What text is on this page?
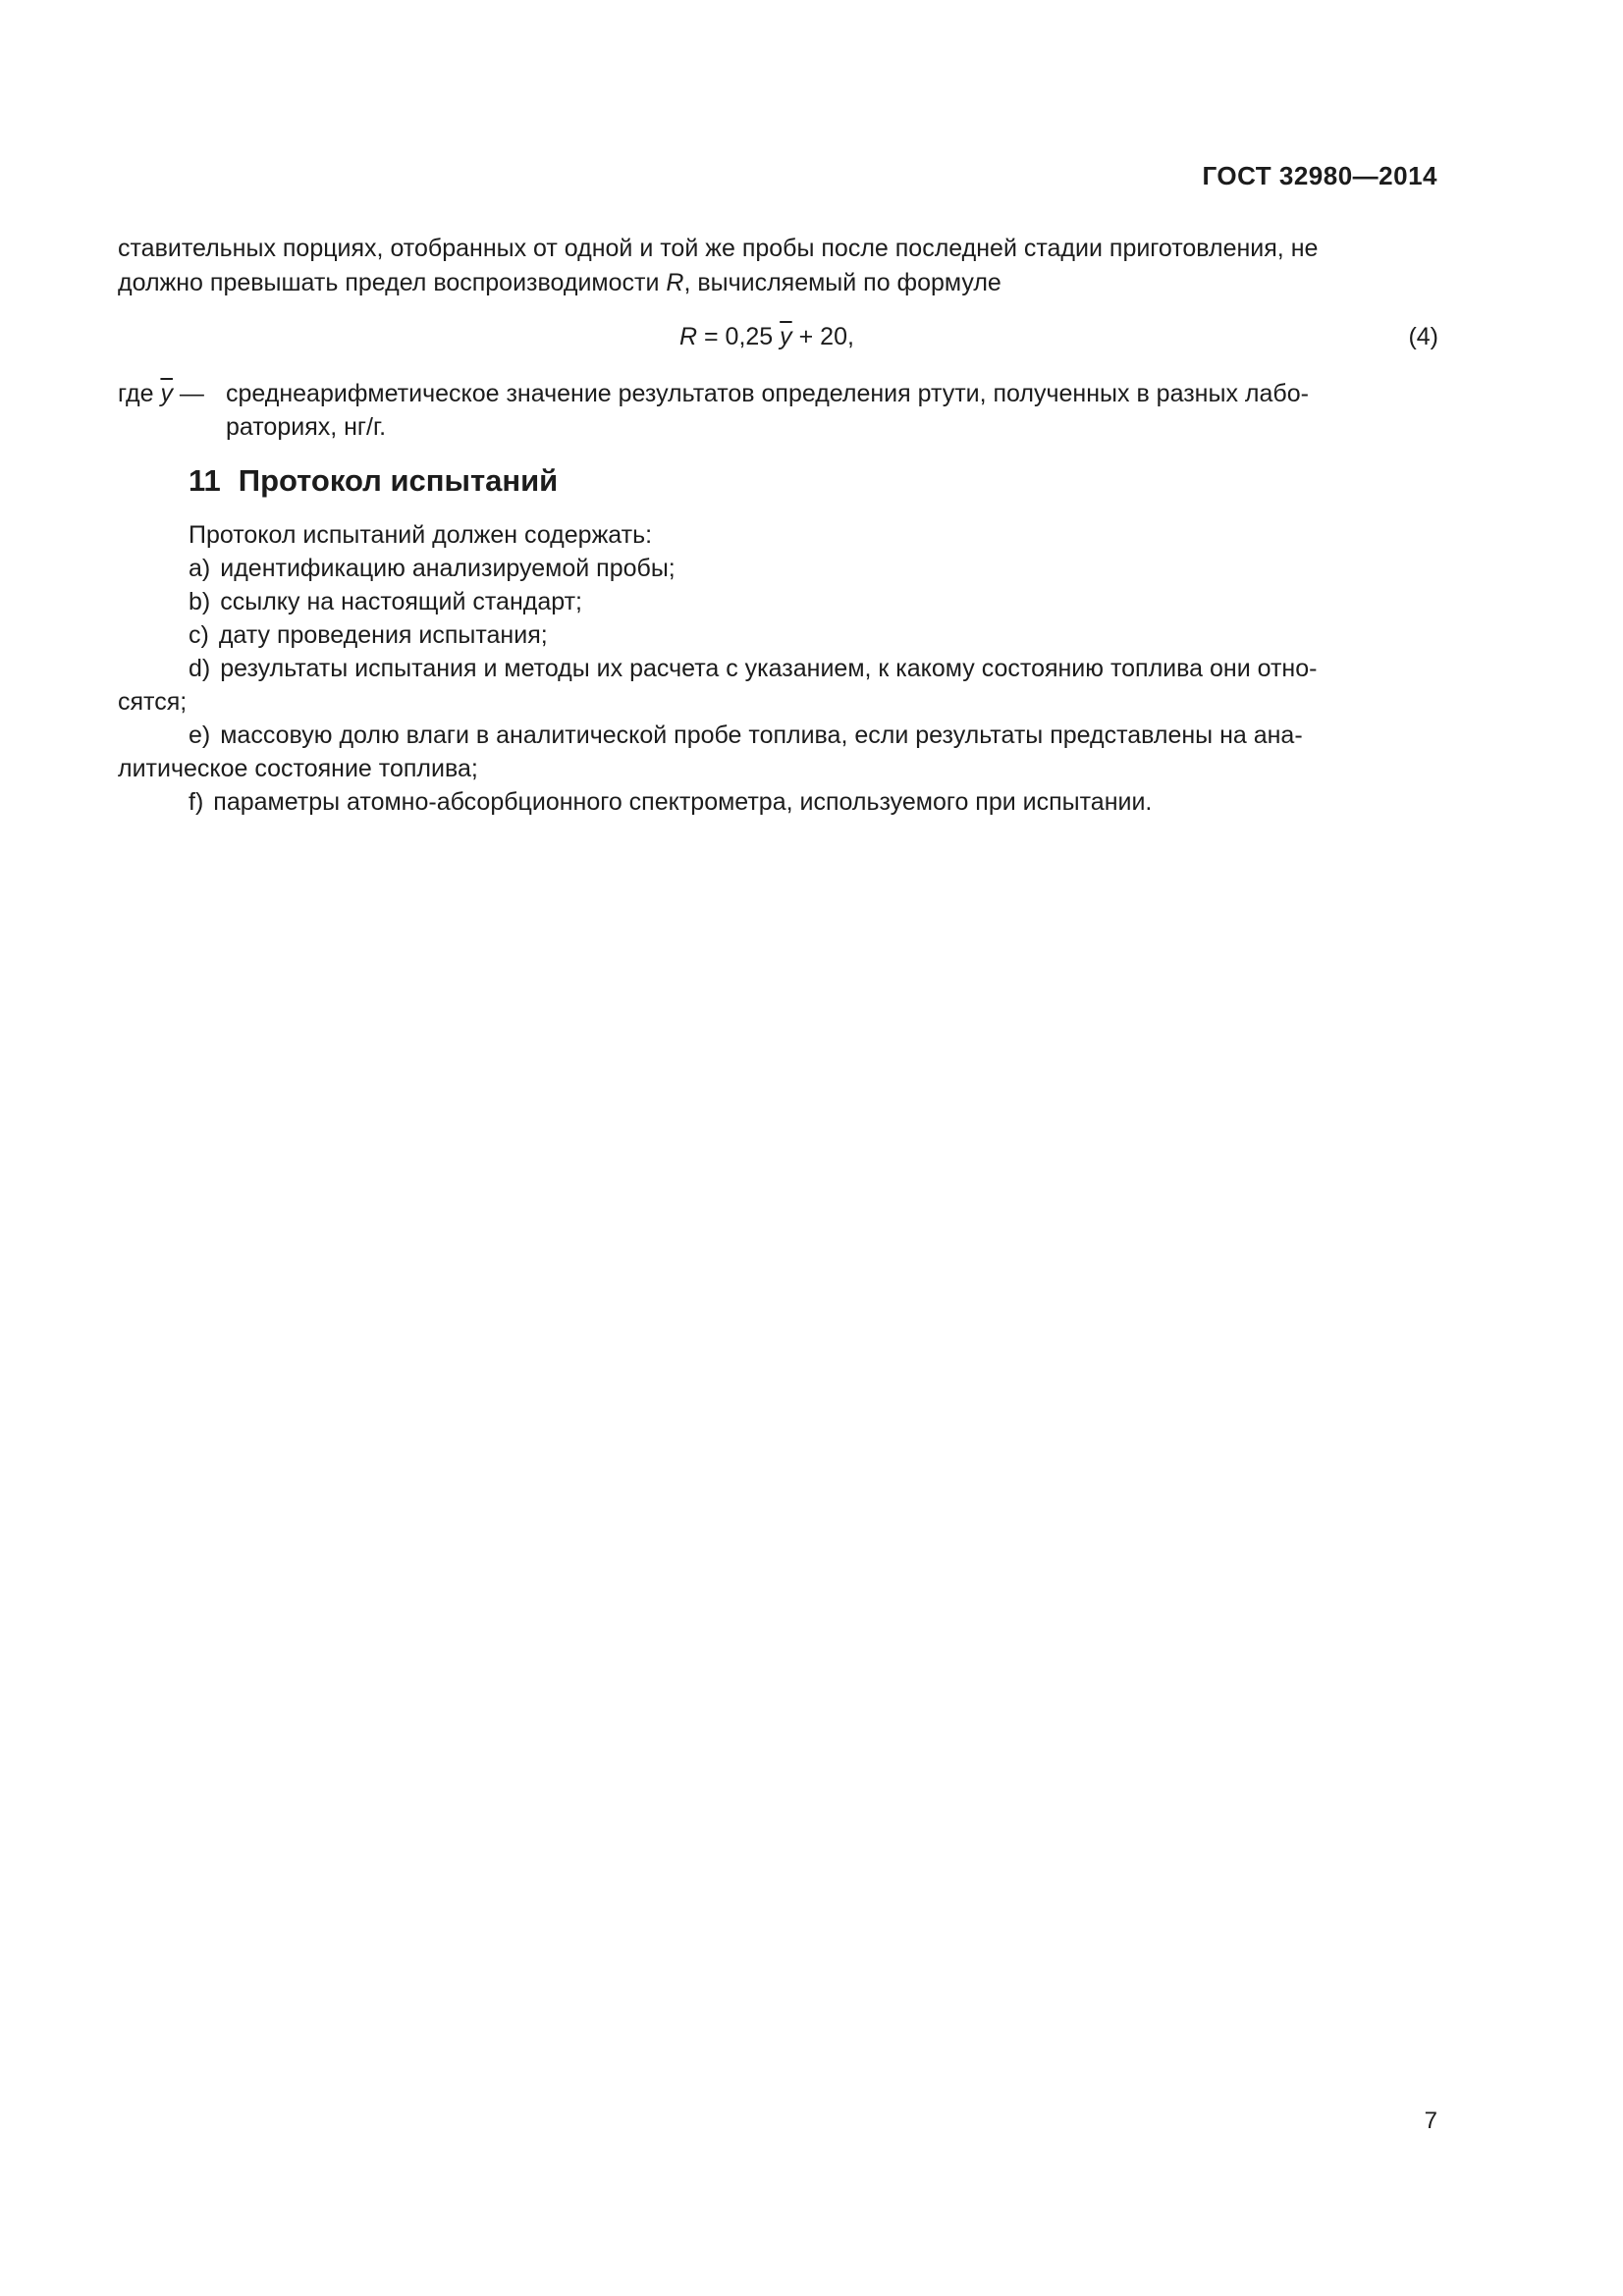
ГОСТ 32980—2014
ставительных порциях, отобранных от одной и той же пробы после последней стадии приготовления, не
должно превышать предел воспроизводимости R, вычисляемый по формуле
R = 0,25 $\overline{y} + 20$,	(4)
где $\overline{y}$ — среднеарифметическое значение результатов определения ртути, полученных в разных лабо-
раториях, нг/г.
11 Протокол испытаний
Протокол испытаний должен содержать:
a) идентификацию анализируемой пробы;
b) ссылку на настоящий стандарт;
c) дату проведения испытания;
d) результаты испытания и методы их расчета с указанием, к какому состоянию топлива они отно-
сятся;
e) массовую долю влаги в аналитической пробе топлива, если результаты представлены на ана-
литическое состояние топлива;
f) параметры атомно-абсорбционного спектрометра, используемого при испытании.
7
